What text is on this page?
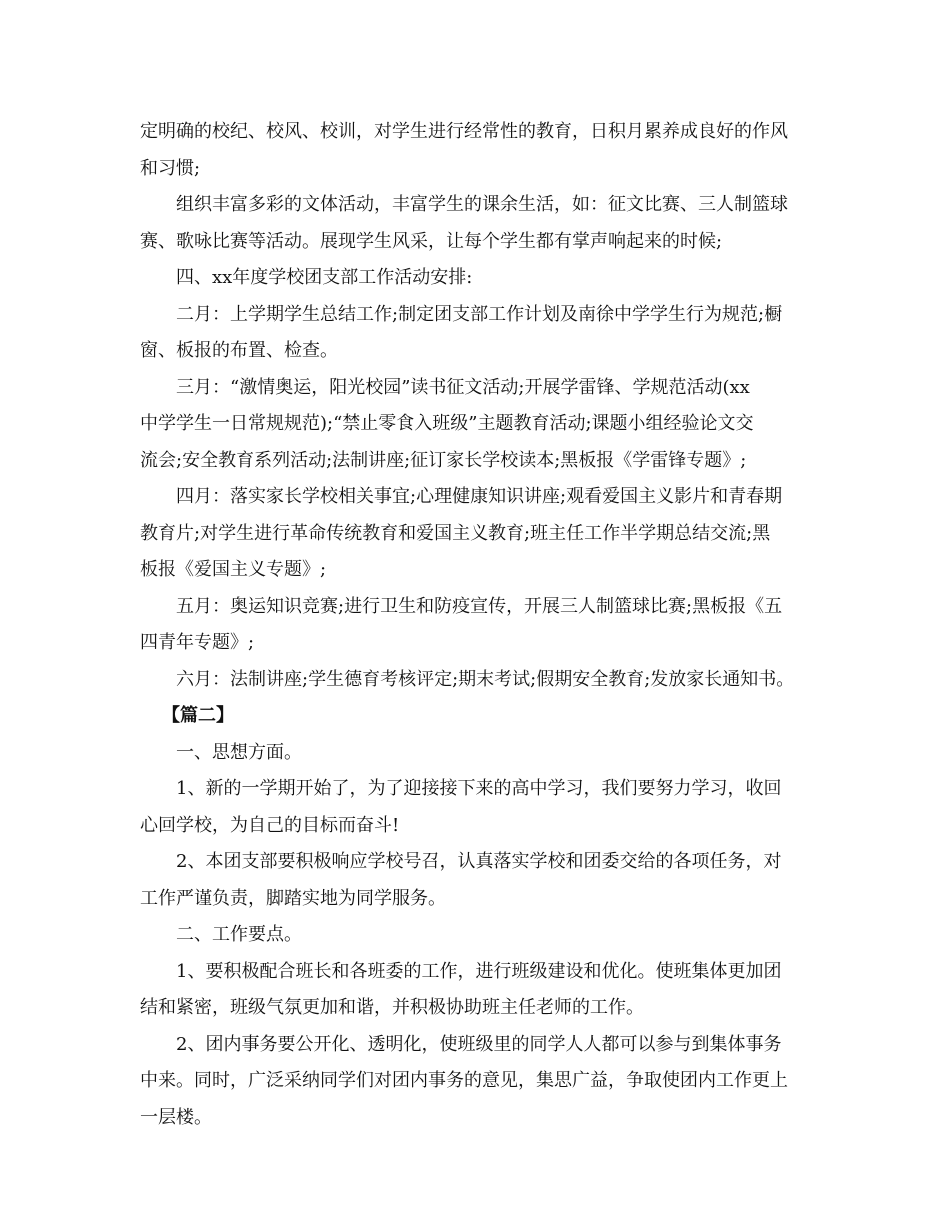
定明确的校纪、校风、校训，对学生进行经常性的教育，日积月累养成良好的作风
和习惯;
组织丰富多彩的文体活动，丰富学生的课余生活，如：征文比赛、三人制篮球
赛、歌咏比赛等活动。展现学生风采，让每个学生都有掌声响起来的时候;
四、xx年度学校团支部工作活动安排:
二月：上学期学生总结工作;制定团支部工作计划及南徐中学学生行为规范;橱
窗、板报的布置、检查。
三月：“激情奥运，阳光校园”读书征文活动;开展学雷锋、学规范活动(xx
中学学生一日常规规范);“禁止零食入班级”主题教育活动;课题小组经验论文交
流会;安全教育系列活动;法制讲座;征订家长学校读本;黑板报《学雷锋专题》;
四月：落实家长学校相关事宜;心理健康知识讲座;观看爱国主义影片和青春期
教育片;对学生进行革命传统教育和爱国主义教育;班主任工作半学期总结交流;黑
板报《爱国主义专题》;
五月：奥运知识竞赛;进行卫生和防疫宣传，开展三人制篮球比赛;黑板报《五
四青年专题》;
六月：法制讲座;学生德育考核评定;期末考试;假期安全教育;发放家长通知书。
【篇二】
一、思想方面。
1、新的一学期开始了，为了迎接接下来的高中学习，我们要努力学习，收回
心回学校，为自己的目标而奋斗!
2、本团支部要积极响应学校号召，认真落实学校和团委交给的各项任务，对
工作严谨负责，脚踏实地为同学服务。
二、工作要点。
1、要积极配合班长和各班委的工作，进行班级建设和优化。使班集体更加团
结和紧密，班级气氛更加和谐，并积极协助班主任老师的工作。
2、团内事务要公开化、透明化，使班级里的同学人人都可以参与到集体事务
中来。同时，广泛采纳同学们对团内事务的意见，集思广益，争取使团内工作更上
一层楼。
